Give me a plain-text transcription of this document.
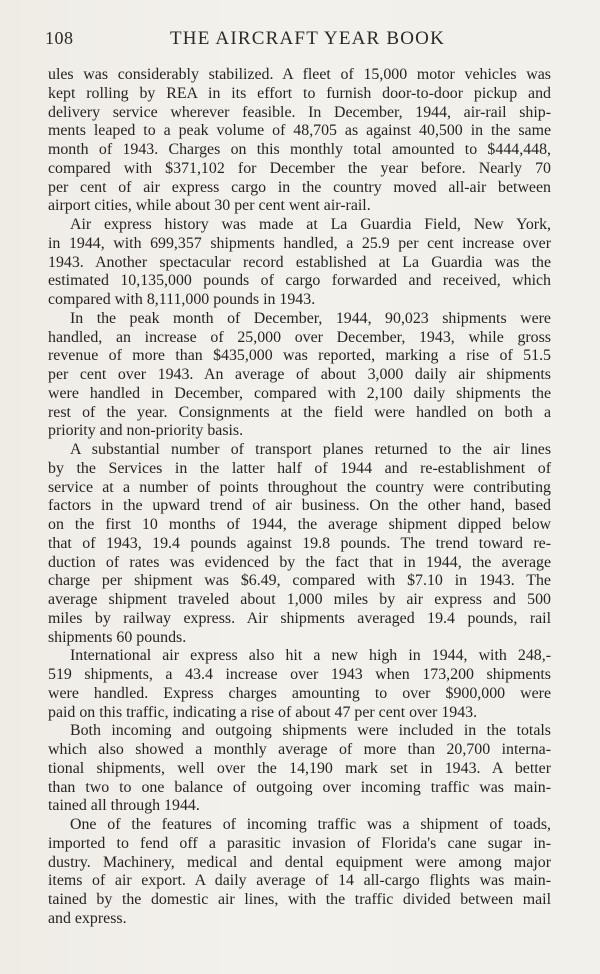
108	THE AIRCRAFT YEAR BOOK
ules was considerably stabilized. A fleet of 15,000 motor vehicles was
kept rolling by REA in its effort to furnish door-to-door pickup and
delivery service wherever feasible. In December, 1944, air-rail ship-
ments leaped to a peak volume of 48,705 as against 40,500 in the same
month of 1943. Charges on this monthly total amounted to $444,448,
compared with $371,102 for December the year before. Nearly 70
per cent of air express cargo in the country moved all-air between
airport cities, while about 30 per cent went air-rail.
Air express history was made at La Guardia Field, New York,
in 1944, with 699,357 shipments handled, a 25.9 per cent increase over
1943. Another spectacular record established at La Guardia was the
estimated 10,135,000 pounds of cargo forwarded and received, which
compared with 8,111,000 pounds in 1943.
In the peak month of December, 1944, 90,023 shipments were
handled, an increase of 25,000 over December, 1943, while gross
revenue of more than $435,000 was reported, marking a rise of 51.5
per cent over 1943. An average of about 3,000 daily air shipments
were handled in December, compared with 2,100 daily shipments the
rest of the year. Consignments at the field were handled on both a
priority and non-priority basis.
A substantial number of transport planes returned to the air lines
by the Services in the latter half of 1944 and re-establishment of
service at a number of points throughout the country were contributing
factors in the upward trend of air business. On the other hand, based
on the first 10 months of 1944, the average shipment dipped below
that of 1943, 19.4 pounds against 19.8 pounds. The trend toward re-
duction of rates was evidenced by the fact that in 1944, the average
charge per shipment was $6.49, compared with $7.10 in 1943. The
average shipment traveled about 1,000 miles by air express and 500
miles by railway express. Air shipments averaged 19.4 pounds, rail
shipments 60 pounds.
International air express also hit a new high in 1944, with 248,-
519 shipments, a 43.4 increase over 1943 when 173,200 shipments
were handled. Express charges amounting to over $900,000 were
paid on this traffic, indicating a rise of about 47 per cent over 1943.
Both incoming and outgoing shipments were included in the totals
which also showed a monthly average of more than 20,700 interna-
tional shipments, well over the 14,190 mark set in 1943. A better
than two to one balance of outgoing over incoming traffic was main-
tained all through 1944.
One of the features of incoming traffic was a shipment of toads,
imported to fend off a parasitic invasion of Florida's cane sugar in-
dustry. Machinery, medical and dental equipment were among major
items of air export. A daily average of 14 all-cargo flights was main-
tained by the domestic air lines, with the traffic divided between mail
and express.
